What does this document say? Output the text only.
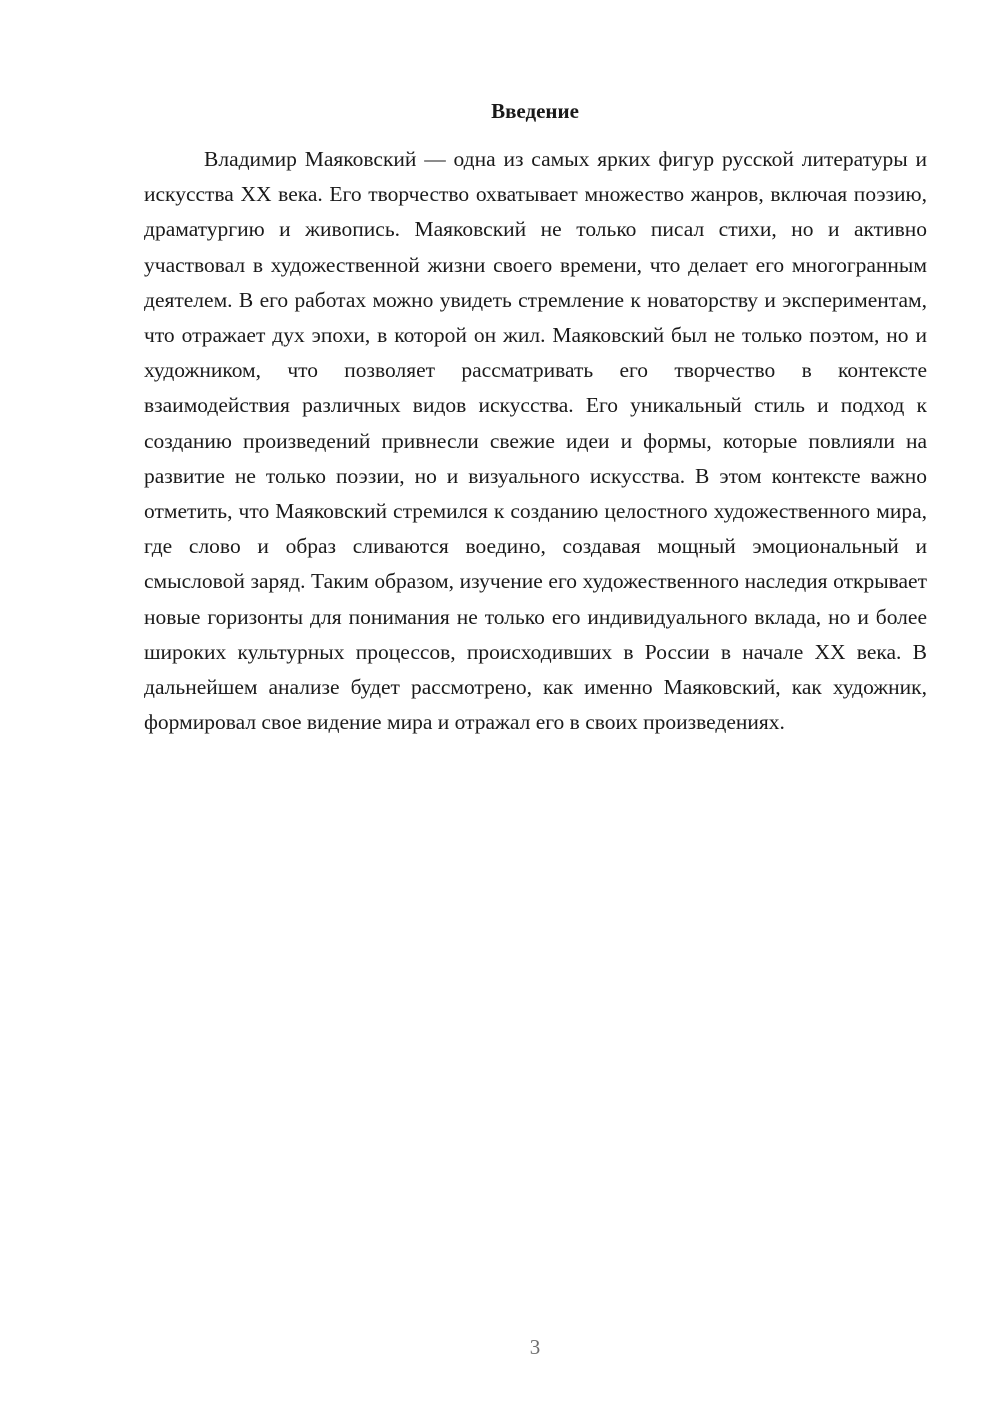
Введение

Владимир Маяковский — одна из самых ярких фигур русской литературы и искусства XX века. Его творчество охватывает множество жанров, включая поэзию, драматургию и живопись. Маяковский не только писал стихи, но и активно участвовал в художественной жизни своего времени, что делает его многогранным деятелем. В его работах можно увидеть стремление к новаторству и экспериментам, что отражает дух эпохи, в которой он жил. Маяковский был не только поэтом, но и художником, что позволяет рассматривать его творчество в контексте взаимодействия различных видов искусства. Его уникальный стиль и подход к созданию произведений привнесли свежие идеи и формы, которые повлияли на развитие не только поэзии, но и визуального искусства. В этом контексте важно отметить, что Маяковский стремился к созданию целостного художественного мира, где слово и образ сливаются воедино, создавая мощный эмоциональный и смысловой заряд. Таким образом, изучение его художественного наследия открывает новые горизонты для понимания не только его индивидуального вклада, но и более широких культурных процессов, происходивших в России в начале XX века. В дальнейшем анализе будет рассмотрено, как именно Маяковский, как художник, формировал свое видение мира и отражал его в своих произведениях.

3
